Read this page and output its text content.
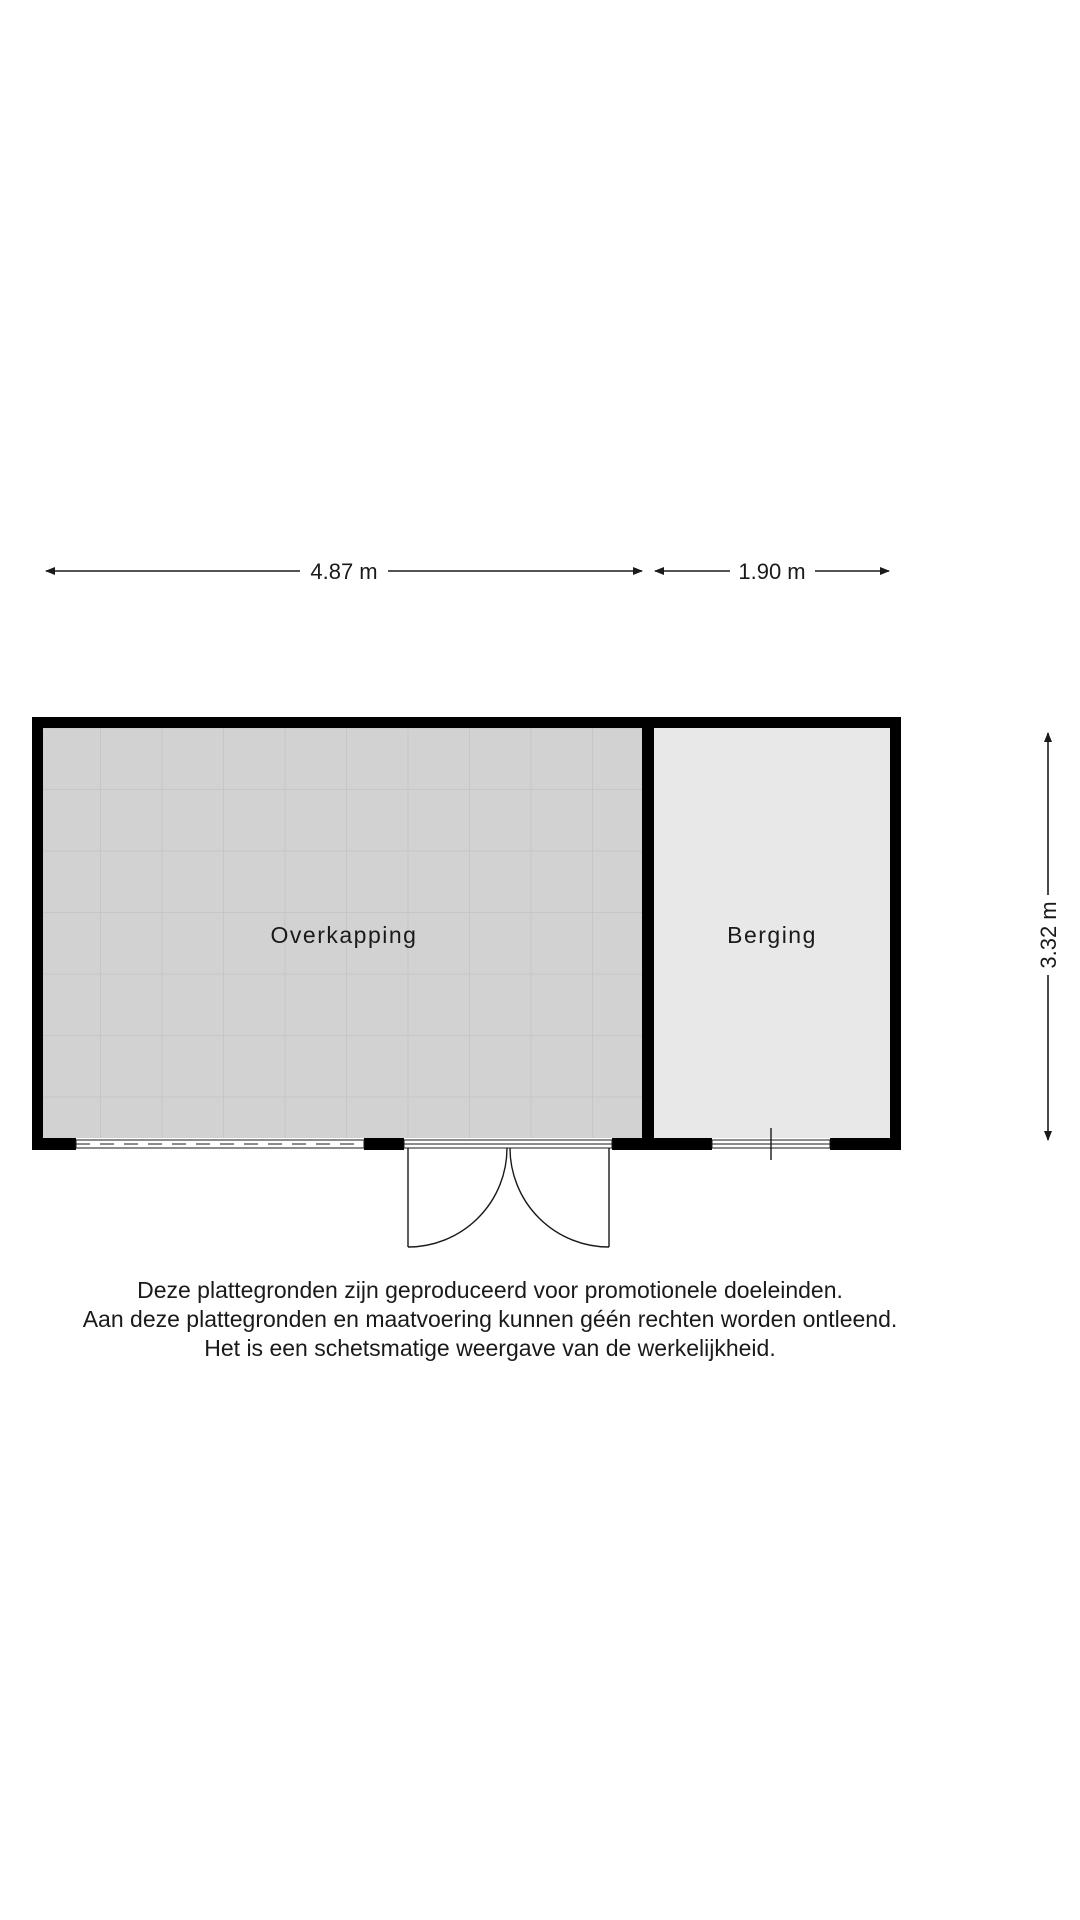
4.87 m	1.90 m
3.32 m
Overkapping	Berging
Deze plattegronden zijn geproduceerd voor promotionele doeleinden.
Aan deze plattegronden en maatvoering kunnen géén rechten worden ontleend.
Het is een schetsmatige weergave van de werkelijkheid.
